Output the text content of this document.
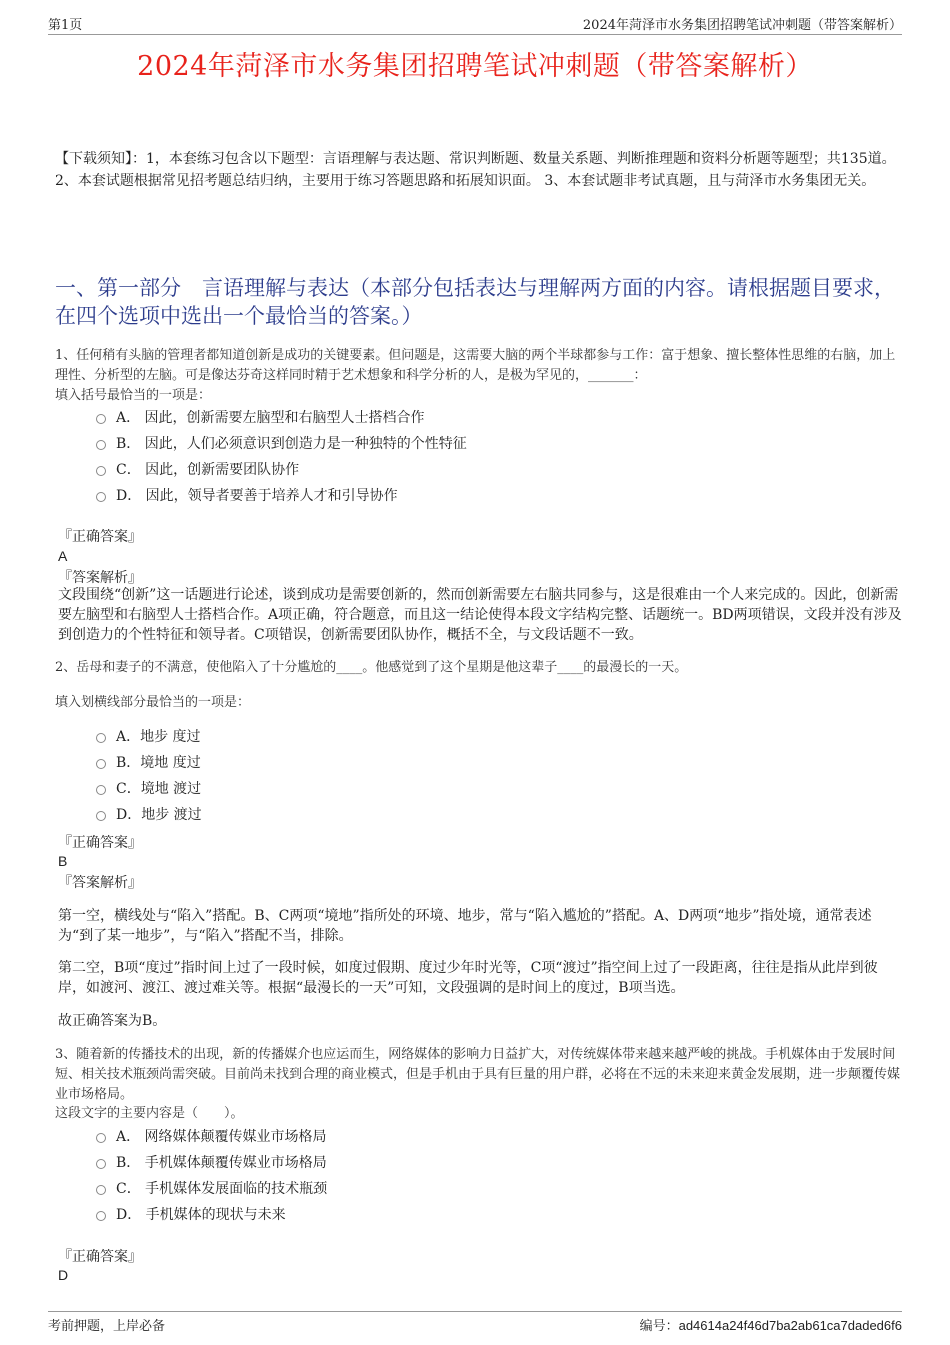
第1页	2024年菏泽市水务集团招聘笔试冲刺题（带答案解析）
2024年菏泽市水务集团招聘笔试冲刺题（带答案解析）
【下载须知】：1，本套练习包含以下题型：言语理解与表达题、常识判断题、数量关系题、判断推理题和资料分析题等题型；共135道。 2、本套试题根据常见招考题总结归纳，主要用于练习答题思路和拓展知识面。 3、本套试题非考试真题，且与菏泽市水务集团无关。
一、第一部分　言语理解与表达（本部分包括表达与理解两方面的内容。请根据题目要求，在四个选项中选出一个最恰当的答案。）
1、任何稍有头脑的管理者都知道创新是成功的关键要素。但问题是，这需要大脑的两个半球都参与工作：富于想象、擅长整体性思维的右脑，加上理性、分析型的左脑。可是像达芬奇这样同时精于艺术想象和科学分析的人，是极为罕见的，_______：
填入括号最恰当的一项是：
A． 因此，创新需要左脑型和右脑型人士搭档合作
B． 因此，人们必须意识到创造力是一种独特的个性特征
C． 因此，创新需要团队协作
D． 因此，领导者要善于培养人才和引导协作
『正确答案』
A
『答案解析』
文段围绕“创新”这一话题进行论述，谈到成功是需要创新的，然而创新需要左右脑共同参与，这是很难由一个人来完成的。因此，创新需要左脑型和右脑型人士搭档合作。A项正确，符合题意，而且这一结论使得本段文字结构完整、话题统一。BD两项错误，文段并没有涉及到创造力的个性特征和领导者。C项错误，创新需要团队协作，概括不全，与文段话题不一致。
2、岳母和妻子的不满意，使他陷入了十分尴尬的____。他感觉到了这个星期是他这辈子____的最漫长的一天。
填入划横线部分最恰当的一项是：
A．地步 度过
B．境地 度过
C．境地 渡过
D．地步 渡过
『正确答案』
B
『答案解析』
第一空，横线处与“陷入”搭配。B、C两项“境地”指所处的环境、地步，常与“陷入尴尬的”搭配。A、D两项“地步”指处境，通常表述为“到了某一地步”，与“陷入”搭配不当，排除。
第二空，B项“度过”指时间上过了一段时候，如度过假期、度过少年时光等，C项“渡过”指空间上过了一段距离，往往是指从此岸到彼岸，如渡河、渡江、渡过难关等。根据“最漫长的一天”可知，文段强调的是时间上的度过，B项当选。
故正确答案为B。
3、随着新的传播技术的出现，新的传播媒介也应运而生，网络媒体的影响力日益扩大，对传统媒体带来越来越严峻的挑战。手机媒体由于发展时间短、相关技术瓶颈尚需突破。目前尚未找到合理的商业模式，但是手机由于具有巨量的用户群，必将在不远的未来迎来黄金发展期，进一步颠覆传媒业市场格局。
这段文字的主要内容是（　　）。
A． 网络媒体颠覆传媒业市场格局
B． 手机媒体颠覆传媒业市场格局
C． 手机媒体发展面临的技术瓶颈
D． 手机媒体的现状与未来
『正确答案』
D
考前押题，上岸必备	编号：ad4614a24f46d7ba2ab61ca7daded6f6
